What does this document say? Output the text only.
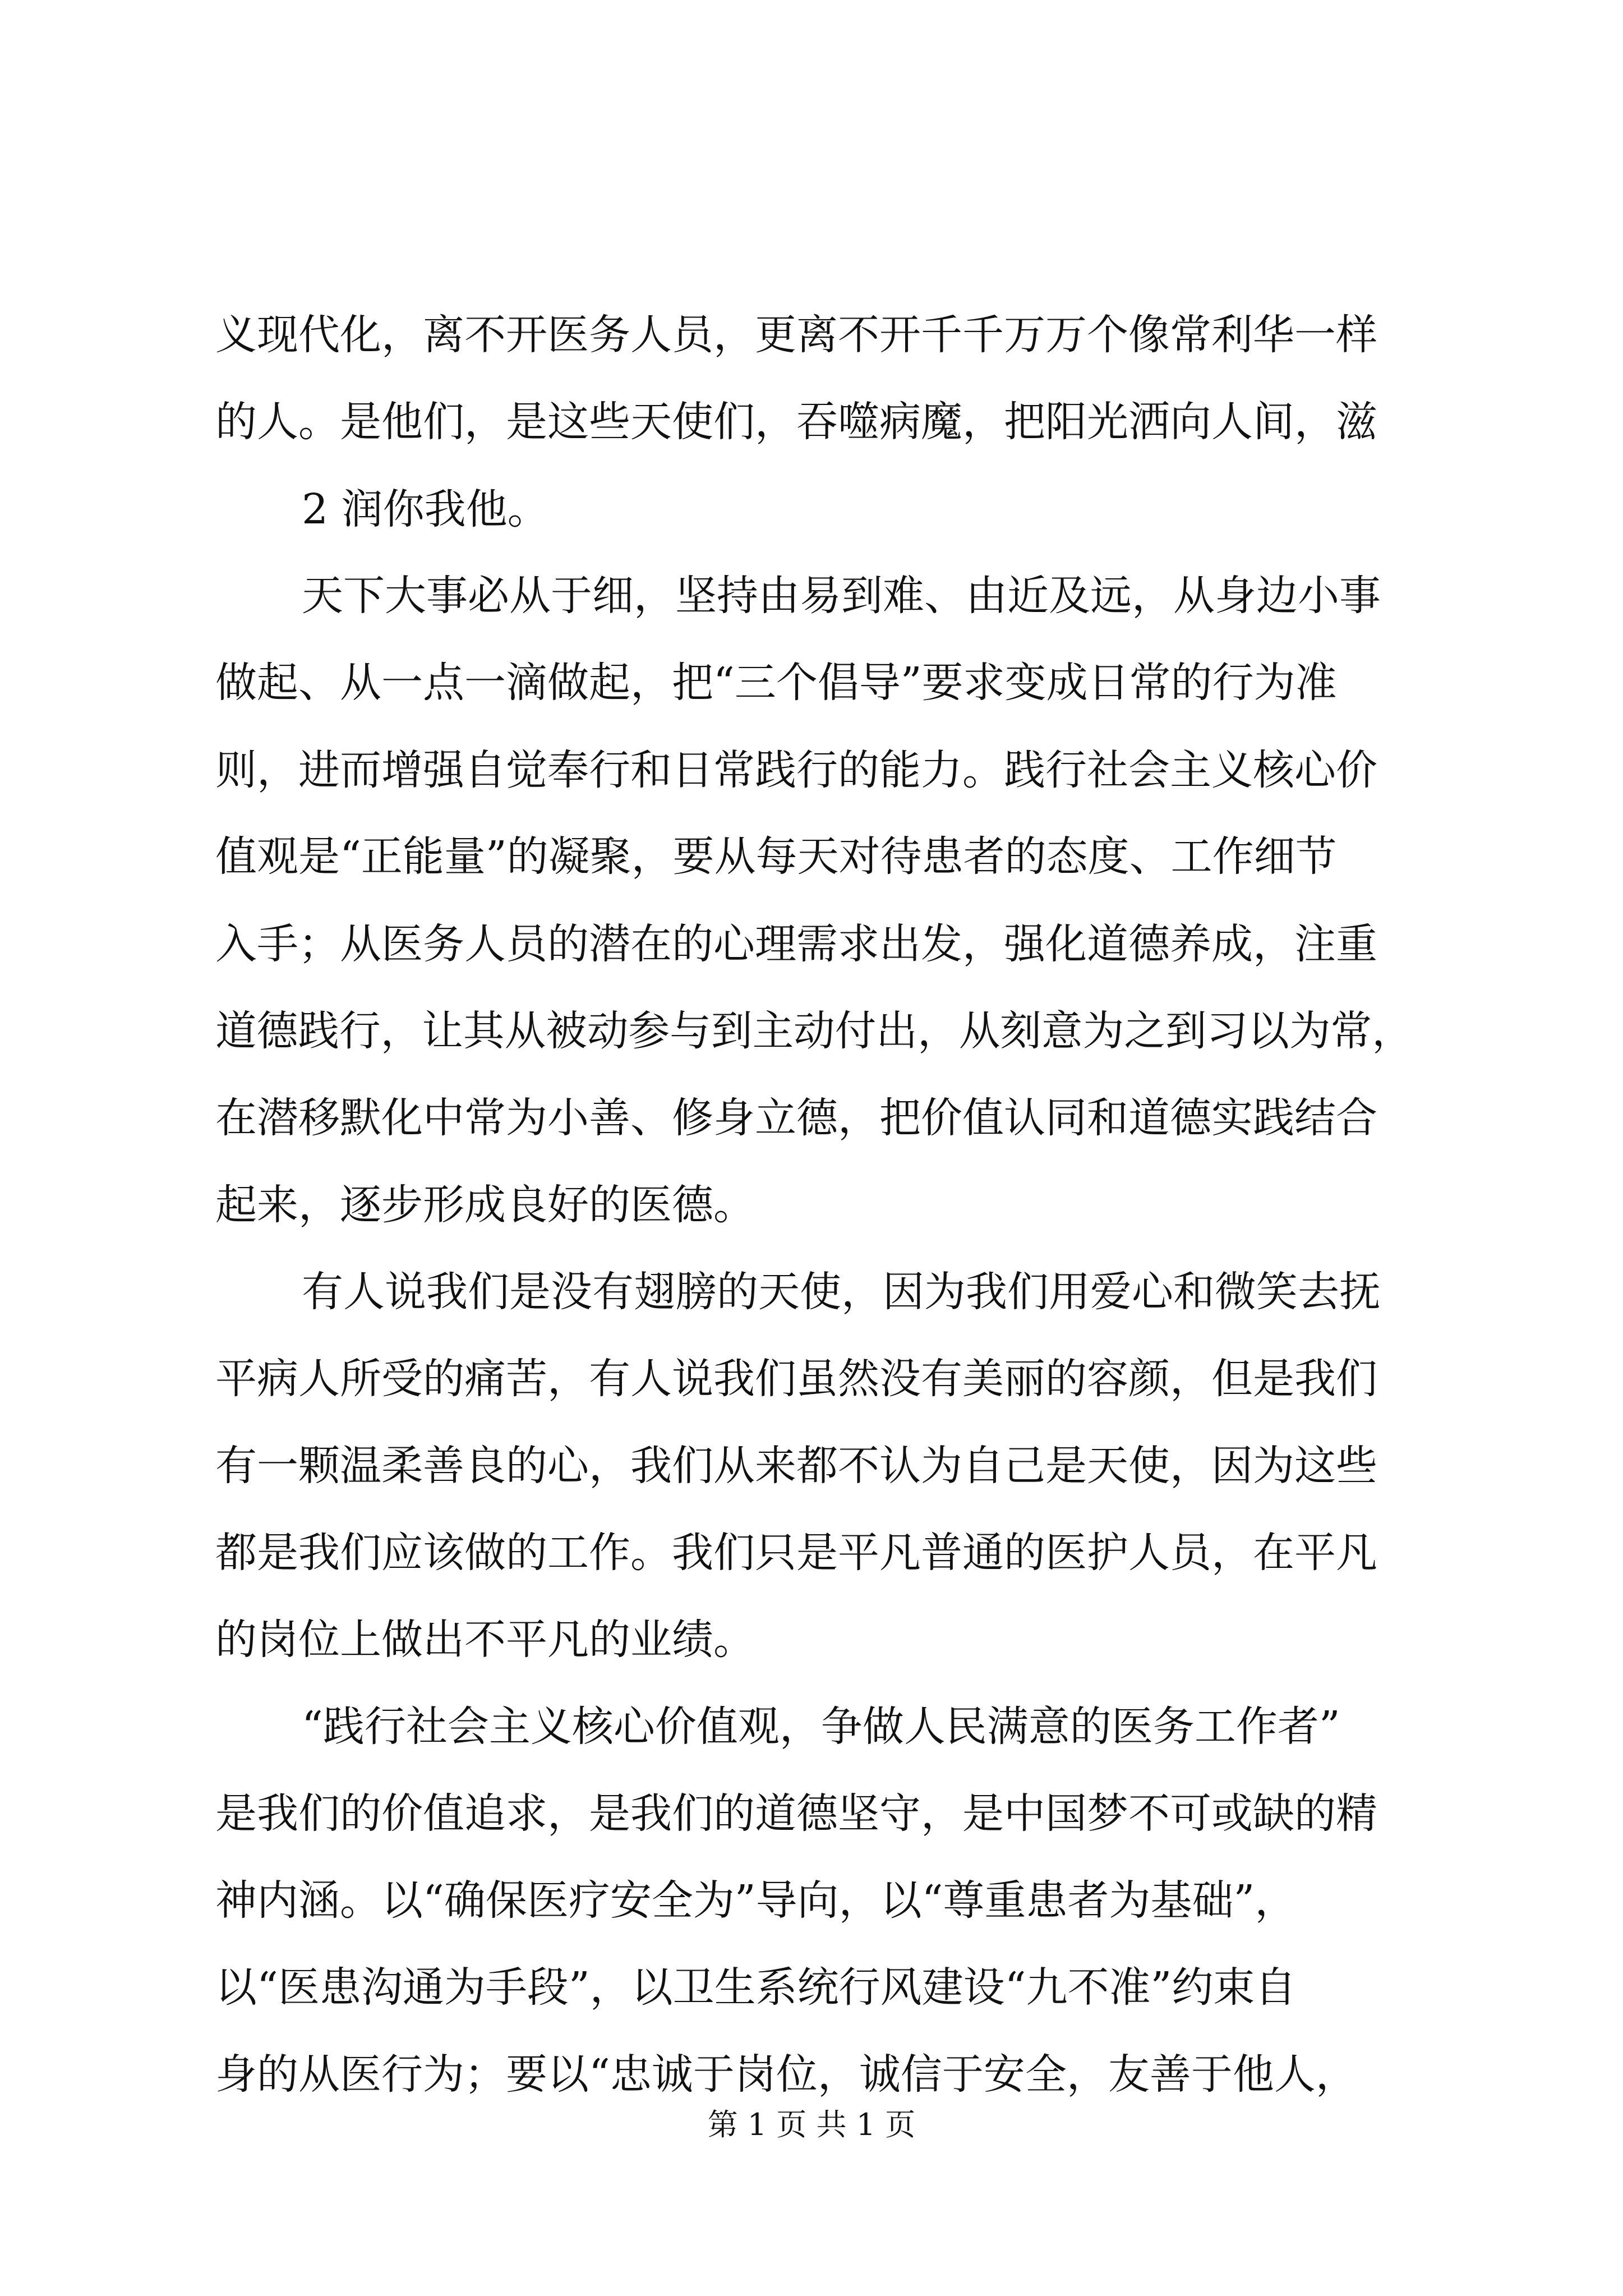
义现代化，离不开医务人员，更离不开千千万万个像常利华一样

的人。是他们，是这些天使们，吞噬病魔，把阳光洒向人间，滋

2 润你我他。

天下大事必从于细，坚持由易到难、由近及远，从身边小事

做起、从一点一滴做起，把“三个倡导”要求变成日常的行为准

则，进而增强自觉奉行和日常践行的能力。践行社会主义核心价

值观是“正能量”的凝聚，要从每天对待患者的态度、工作细节

入手；从医务人员的潜在的心理需求出发，强化道德养成，注重

道德践行，让其从被动参与到主动付出，从刻意为之到习以为常，

在潜移默化中常为小善、修身立德，把价值认同和道德实践结合

起来，逐步形成良好的医德。

有人说我们是没有翅膀的天使，因为我们用爱心和微笑去抚

平病人所受的痛苦，有人说我们虽然没有美丽的容颜，但是我们

有一颗温柔善良的心，我们从来都不认为自己是天使，因为这些

都是我们应该做的工作。我们只是平凡普通的医护人员，在平凡

的岗位上做出不平凡的业绩。

“践行社会主义核心价值观，争做人民满意的医务工作者”

是我们的价值追求，是我们的道德坚守，是中国梦不可或缺的精

神内涵。以“确保医疗安全为”导向，以“尊重患者为基础”，

以“医患沟通为手段”，以卫生系统行风建设“九不准”约束自

身的从医行为；要以“忠诚于岗位，诚信于安全，友善于他人，

第 1 页 共 1 页
